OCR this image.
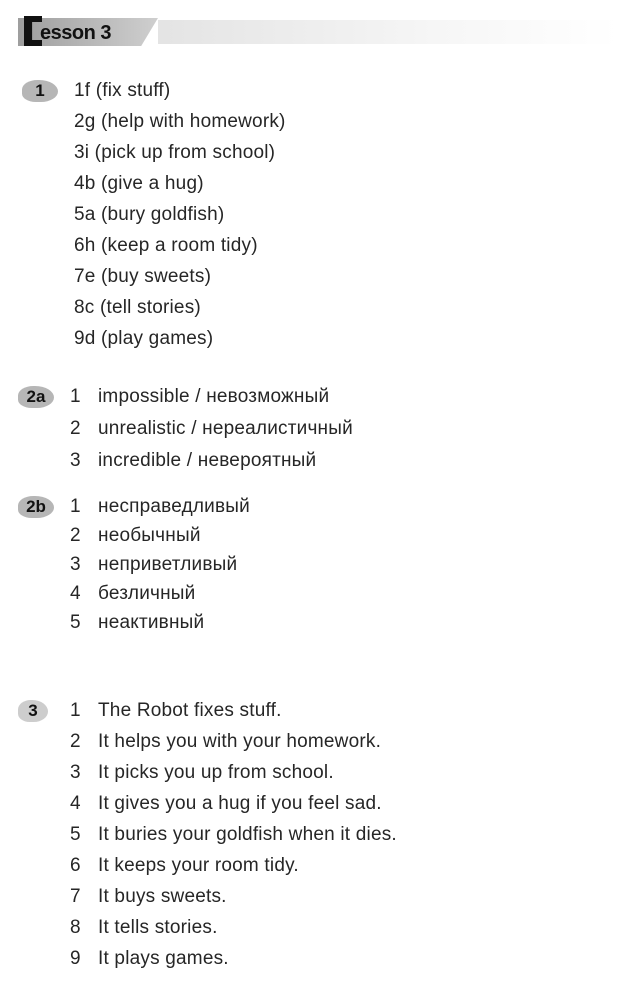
esson 3
1 1f (fix stuff)
2g (help with homework)
3i (pick up from school)
4b (give a hug)
5a (bury goldfish)
6h (keep a room tidy)
7e (buy sweets)
8c (tell stories)
9d (play games)
2a 1 impossible / невозможный
2 unrealistic / нереалистичный
3 incredible / невероятный
2b 1 несправедливый
2 необычный
3 неприветливый
4 безличный
5 неактивный
3 1 The Robot fixes stuff.
2 It helps you with your homework.
3 It picks you up from school.
4 It gives you a hug if you feel sad.
5 It buries your goldfish when it dies.
6 It keeps your room tidy.
7 It buys sweets.
8 It tells stories.
9 It plays games.
